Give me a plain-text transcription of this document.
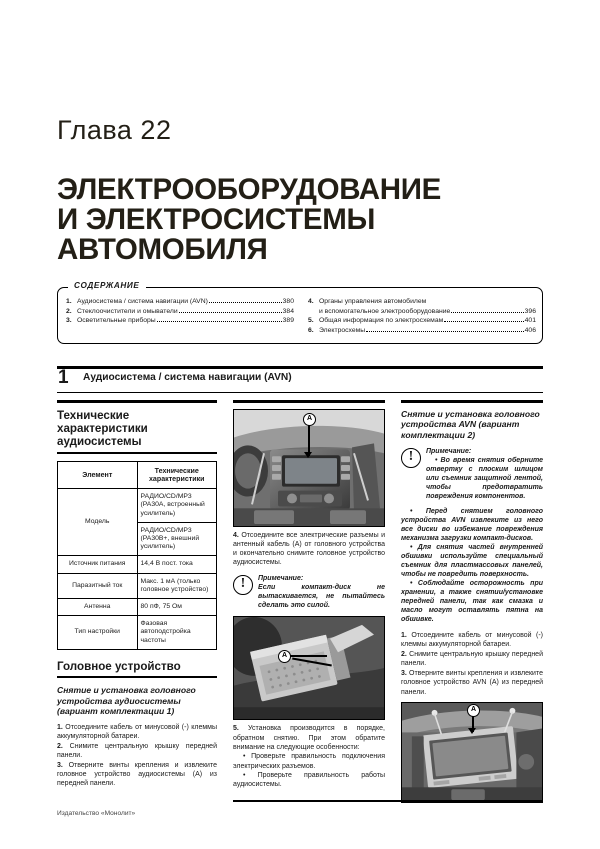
Глава 22
ЭЛЕКТРООБОРУДОВАНИЕ
И ЭЛЕКТРОСИСТЕМЫ
АВТОМОБИЛЯ
СОДЕРЖАНИЕ
1. Аудиосистема / система навигации (AVN)	380
2. Стеклоочистители и омыватели	384
3. Осветительные приборы	389
4. Органы управления автомобилем
и вспомогательное электрооборудование	396
5. Общая информация по электросхемам	401
6. Электросхемы	406
1 Аудиосистема / система навигации (AVN)
Технические характеристики аудиосистемы
Элемент	Технические характеристики
Модель	РАДИО/CD/MP3 (PA30A, встроенный усилитель)
	РАДИО/CD/MP3 (PA30B+, внешний усилитель)
Источник питания	14,4 В пост. тока
Паразитный ток	Макс. 1 мА (только головное устройство)
Антенна	80 пФ, 75 Ом
Тип настройки	Фазовая автоподстройка частоты
Головное устройство
Снятие и установка головного устройства аудиосистемы (вариант комплектации 1)

1. Отсоедините кабель от минусовой (-) клеммы аккумуляторной батареи.

2. Снимите центральную крышку передней панели.

3. Отверните винты крепления и извлеките головное устройство аудиосистемы (A) из передней панели.

A

4. Отсоедините все электрические разъемы и антенный кабель (A) от головного устройства и окончательно снимите головное устройство аудиосистемы.

!	Примечание:

Если компакт-диск не вытаскивается, не пытайтесь сделать это силой.

A

5. Установка производится в порядке, обратном снятию. При этом обратите внимание на следующие особенности:

• Проверьте правильность подключения электрических разъемов.

• Проверьте правильность работы аудиосистемы.

Снятие и установка головного устройства AVN (вариант комплектации 2)
!	Примечание:

• Во время снятия оберните отвертку с плоским шлицом или съемник защитной лентой, чтобы предотвратить повреждения компонентов.

• Перед снятием головного устройства AVN извлеките из него все диски во избежание повреждения механизма загрузки компакт-дисков.

• Для снятия частей внутренней обшивки используйте специальный съемник для пластмассовых панелей, чтобы не повредить поверхность.

• Соблюдайте осторожность при хранении, а также снятии/установке передней панели, так как смазка и масло могут оставлять пятна на обшивке.

1. Отсоедините кабель от минусовой (-) клеммы аккумуляторной батареи.

2. Снимите центральную крышку передней панели.

3. Отверните винты крепления и извлеките головное устройство AVN (A) из передней панели.

A
Издательство «Монолит»
